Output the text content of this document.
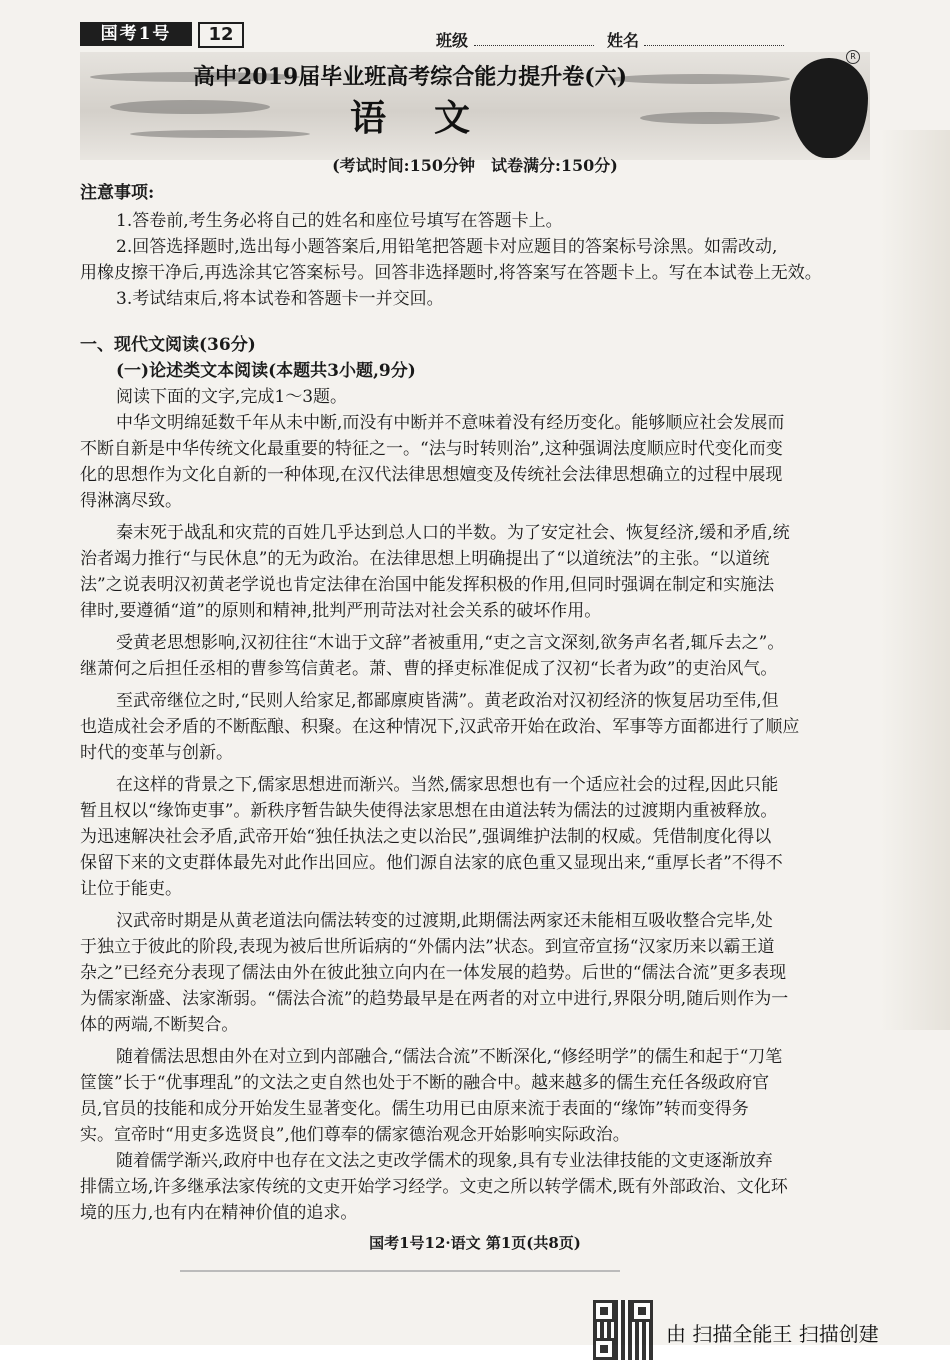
国考1号	12	班级	姓名
R
高中2019届毕业班高考综合能力提升卷(六)
语文
(考试时间:150分钟　试卷满分:150分)
注意事项:
1.答卷前,考生务必将自己的姓名和座位号填写在答题卡上。
2.回答选择题时,选出每小题答案后,用铅笔把答题卡对应题目的答案标号涂黑。如需改动,
用橡皮擦干净后,再选涂其它答案标号。回答非选择题时,将答案写在答题卡上。写在本试卷上无效。
3.考试结束后,将本试卷和答题卡一并交回。
一、现代文阅读(36分)
(一)论述类文本阅读(本题共3小题,9分)
阅读下面的文字,完成1～3题。
中华文明绵延数千年从未中断,而没有中断并不意味着没有经历变化。能够顺应社会发展而
不断自新是中华传统文化最重要的特征之一。“法与时转则治”,这种强调法度顺应时代变化而变
化的思想作为文化自新的一种体现,在汉代法律思想嬗变及传统社会法律思想确立的过程中展现
得淋漓尽致。
秦末死于战乱和灾荒的百姓几乎达到总人口的半数。为了安定社会、恢复经济,缓和矛盾,统
治者竭力推行“与民休息”的无为政治。在法律思想上明确提出了“以道统法”的主张。“以道统
法”之说表明汉初黄老学说也肯定法律在治国中能发挥积极的作用,但同时强调在制定和实施法
律时,要遵循“道”的原则和精神,批判严刑苛法对社会关系的破坏作用。
受黄老思想影响,汉初往往“木诎于文辞”者被重用,“吏之言文深刻,欲务声名者,辄斥去之”。
继萧何之后担任丞相的曹参笃信黄老。萧、曹的择吏标准促成了汉初“长者为政”的吏治风气。
至武帝继位之时,“民则人给家足,都鄙廪庾皆满”。黄老政治对汉初经济的恢复居功至伟,但
也造成社会矛盾的不断酝酿、积聚。在这种情况下,汉武帝开始在政治、军事等方面都进行了顺应
时代的变革与创新。
在这样的背景之下,儒家思想进而渐兴。当然,儒家思想也有一个适应社会的过程,因此只能
暂且权以“缘饰吏事”。新秩序暂告缺失使得法家思想在由道法转为儒法的过渡期内重被释放。
为迅速解决社会矛盾,武帝开始“独任执法之吏以治民”,强调维护法制的权威。凭借制度化得以
保留下来的文吏群体最先对此作出回应。他们源自法家的底色重又显现出来,“重厚长者”不得不
让位于能吏。
汉武帝时期是从黄老道法向儒法转变的过渡期,此期儒法两家还未能相互吸收整合完毕,处
于独立于彼此的阶段,表现为被后世所诟病的“外儒内法”状态。到宣帝宣扬“汉家历来以霸王道
杂之”已经充分表现了儒法由外在彼此独立向内在一体发展的趋势。后世的“儒法合流”更多表现
为儒家渐盛、法家渐弱。“儒法合流”的趋势最早是在两者的对立中进行,界限分明,随后则作为一
体的两端,不断契合。
随着儒法思想由外在对立到内部融合,“儒法合流”不断深化,“修经明学”的儒生和起于“刀笔
筐箧”长于“优事理乱”的文法之吏自然也处于不断的融合中。越来越多的儒生充任各级政府官
员,官员的技能和成分开始发生显著变化。儒生功用已由原来流于表面的“缘饰”转而变得务
实。宣帝时“用吏多选贤良”,他们尊奉的儒家德治观念开始影响实际政治。
随着儒学渐兴,政府中也存在文法之吏改学儒术的现象,具有专业法律技能的文吏逐渐放弃
排儒立场,许多继承法家传统的文吏开始学习经学。文吏之所以转学儒术,既有外部政治、文化环
境的压力,也有内在精神价值的追求。
国考1号12·语文 第1页(共8页)
由 扫描全能王 扫描创建
